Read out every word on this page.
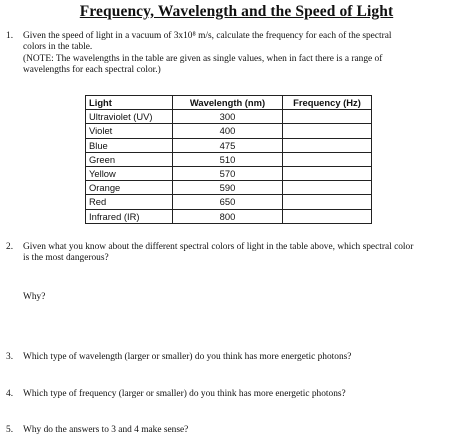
Frequency, Wavelength and the Speed of Light
1.	Given the speed of light in a vacuum of 3x10⁸ m/s, calculate the frequency for each of the spectral
colors in the table.
(NOTE: The wavelengths in the table are given as single values, when in fact there is a range of
wavelengths for each spectral color.)
Light	Wavelength (nm)	Frequency (Hz)
Ultraviolet (UV)	300	
Violet	400	
Blue	475	
Green	510	
Yellow	570	
Orange	590	
Red	650	
Infrared (IR)	800	
2.	Given what you know about the different spectral colors of light in the table above, which spectral color
is the most dangerous?
Why?
3.	Which type of wavelength (larger or smaller) do you think has more energetic photons?
4.	Which type of frequency (larger or smaller) do you think has more energetic photons?
5.	Why do the answers to 3 and 4 make sense?
